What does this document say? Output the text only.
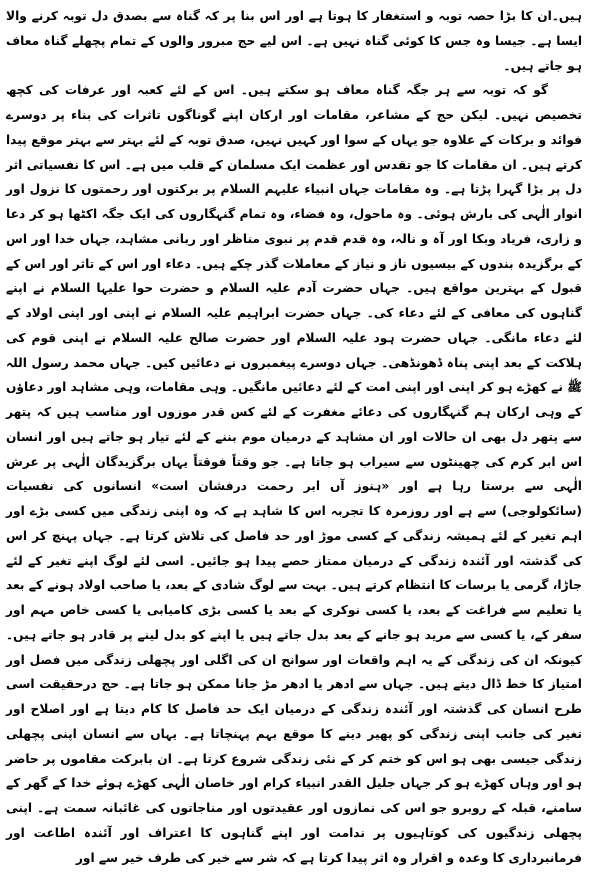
ہیں۔ان کا بڑا حصہ توبہ و استغفار کا ہوتا ہے اور اس بنا پر کہ گناہ سے بصدق دل توبہ کرنے والا ایسا ہے۔ جیسا وہ جس کا کوئی گناہ نہیں ہے۔ اس لیے حج مبرور والوں کے تمام پچھلے گناہ معاف ہو جاتے ہیں۔

گو کہ توبہ سے ہر جگہ گناہ معاف ہو سکتے ہیں۔ اس کے لئے کعبہ اور عرفات کی کچھ تخصیص نہیں۔ لیکن حج کے مشاعر، مقامات اور ارکان اپنے گوناگوں تاثرات کی بناء پر دوسرے فوائد و برکات کے علاوہ جو یہاں کے سوا اور کہیں نہیں، صدق توبہ کے لئے بہتر سے بہتر موقع پیدا کرتے ہیں۔ ان مقامات کا جو تقدس اور عظمت ایک مسلمان کے قلب میں ہے۔ اس کا نفسیاتی اثر دل پر بڑا گہرا پڑتا ہے۔ وہ مقامات جہاں انبیاء علیہم السلام پر برکتوں اور رحمتوں کا نزول اور انوار الٰہی کی بارش ہوئی۔ وہ ماحول، وہ فضاء، وہ تمام گنہگاروں کی ایک جگہ اکٹھا ہو کر دعا و زاری، فریاد وبکا اور آہ و نالہ، وہ قدم قدم پر نبوی مناظر اور ربانی مشاہد، جہاں خدا اور اس کے برگزیدہ بندوں کے بیسیوں ناز و نیاز کے معاملات گذر چکے ہیں۔ دعاء اور اس کے تاثر اور اس کے قبول کے بہترین مواقع ہیں۔ جہاں حضرت آدم علیہ السلام و حضرت حوا علیہا السلام نے اپنے گناہوں کی معافی کے لئے دعاء کی۔ جہاں حضرت ابراہیم علیہ السلام نے اپنی اور اپنی اولاد کے لئے دعاء مانگی۔ جہاں حضرت ہود علیہ السلام اور حضرت صالح علیہ السلام نے اپنی قوم کی ہلاکت کے بعد اپنی پناہ ڈھونڈھی۔ جہاں دوسرے پیغمبروں نے دعائیں کیں۔ جہاں محمد رسول اللہ ﷺ نے کھڑے ہو کر اپنی اور اپنی امت کے لئے دعائیں مانگیں۔ وہی مقامات، وہی مشاہد اور دعاؤں کے وہی ارکان ہم گنہگاروں کی دعائے مغفرت کے لئے کس قدر موزوں اور مناسب ہیں کہ پتھر سے پتھر دل بھی ان حالات اور ان مشاہد کے درمیان موم بننے کے لئے تیار ہو جاتے ہیں اور انسان اس ابر کرم کی چھینٹوں سے سیراب ہو جاتا ہے۔ جو وقتاً فوقتاً یہاں برگزیدگان الٰہی پر عرش الٰہی سے برستا رہا ہے اور «ہنوز آں ابر رحمت درفشان است» انسانوں کی نفسیات (سائکولوجی) سے ہے اور روزمرہ کا تجربہ اس کا شاہد ہے کہ وہ اپنی زندگی میں کسی بڑے اور اہم تغیر کے لئے ہمیشہ زندگی کے کسی موڑ اور حد فاصل کی تلاش کرتا ہے۔ جہاں پہنچ کر اس کی گذشتہ اور آئندہ زندگی کے درمیان ممتاز حصے پیدا ہو جائیں۔ اسی لئے لوگ اپنے تغیر کے لئے جاڑا، گرمی یا برسات کا انتظام کرتے ہیں۔ بہت سے لوگ شادی کے بعد، یا صاحب اولاد ہونے کے بعد یا تعلیم سے فراغت کے بعد، یا کسی نوکری کے بعد یا کسی بڑی کامیابی یا کسی خاص مہم اور سفر کے، یا کسی سے مرید ہو جانے کے بعد بدل جاتے ہیں یا اپنے کو بدل لینے پر قادر ہو جاتے ہیں۔ کیونکہ ان کی زندگی کے یہ اہم واقعات اور سوانح ان کی اگلی اور پچھلی زندگی میں فصل اور امتیاز کا خط ڈال دیتے ہیں۔ جہاں سے ادھر یا ادھر مڑ جانا ممکن ہو جاتا ہے۔ حج درحقیقت اسی طرح انسان کی گذشتہ اور آئندہ زندگی کے درمیان ایک حد فاصل کا کام دیتا ہے اور اصلاح اور تغیر کی جانب اپنی زندگی کو پھیر دینے کا موقع بہم پہنچاتا ہے۔ یہاں سے انسان اپنی پچھلی زندگی جیسی بھی ہو اس کو ختم کر کے نئی زندگی شروع کرتا ہے۔ ان بابرکت مقاموں پر حاضر ہو اور وہاں کھڑے ہو کر جہاں جلیل القدر انبیاء کرام اور خاصان الٰہی کھڑے ہوئے خدا کے گھر کے سامنے، قبلہ کے روبرو جو اس کی نمازوں اور عقیدتوں اور مناجاتوں کی غائبانہ سمت ہے۔ اپنی پچھلی زندگیوں کی کوتاہیوں پر ندامت اور اپنے گناہوں کا اعتراف اور آئندہ اطاعت اور فرمانبرداری کا وعدہ و اقرار وہ اثر پیدا کرتا ہے کہ شر سے خیر کی طرف خیر سے اور
